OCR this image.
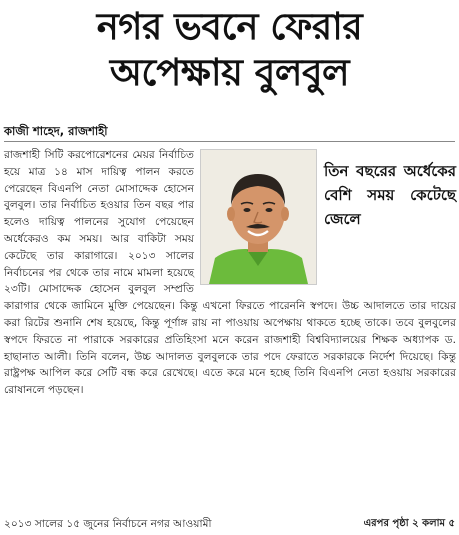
নগর ভবনে ফেরার
অপেক্ষায় বুলবুল
কাজী শাহেদ, রাজশাহী
তিন বছরের অর্ধেকের বেশি সময় কেটেছে জেলে
রাজশাহী সিটি করপোরেশনের মেয়র নির্বাচিত হয়ে মাত্র ১৪ মাস দায়িত্ব পালন করতে পেরেছেন বিএনপি নেতা মোসাদ্দেক হোসেন বুলবুল। তার নির্বাচিত হওয়ার তিন বছর পার হলেও দায়িত্ব পালনের সুযোগ পেয়েছেন অর্ধেকেরও কম সময়। আর বাকিটা সময় কেটেছে তার কারাগারে। ২০১৩ সালের নির্বাচনের পর থেকে তার নামে মামলা হয়েছে ২৩টি। মোসাদ্দেক হোসেন বুলবুল সম্প্রতি কারাগার থেকে জামিনে মুক্তি পেয়েছেন। কিন্তু এখনো ফিরতে পারেননি স্বপদে। উচ্চ আদালতে তার দায়ের করা রিটের শুনানি শেষ হয়েছে, কিন্তু পূর্ণাঙ্গ রায় না পাওয়ায় অপেক্ষায় থাকতে হচ্ছে তাকে। তবে বুলবুলের স্বপদে ফিরতে না পারাকে সরকারের প্রতিহিংসা মনে করেন রাজশাহী বিশ্ববিদ্যালয়ের শিক্ষক অধ্যাপক ড. হাছানাত আলী। তিনি বলেন, উচ্চ আদালত বুলবুলকে তার পদে ফেরাতে সরকারকে নির্দেশ দিয়েছে। কিন্তু রাষ্ট্রপক্ষ আপিল করে সেটি বন্ধ করে রেখেছে। এতে করে মনে হচ্ছে তিনি বিএনপি নেতা হওয়ায় সরকারের রোষানলে পড়ছেন।
২০১৩ সালের ১৫ জুনের নির্বাচনে নগর আওয়ামী	এরপর পৃষ্ঠা ২ কলাম ৫
